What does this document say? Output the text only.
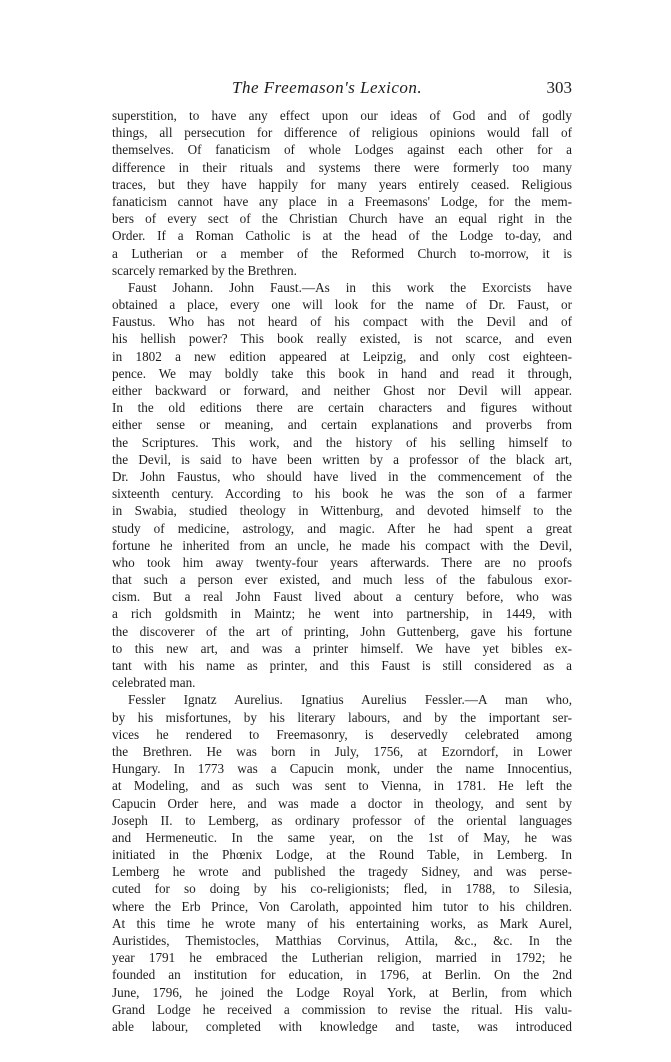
The Freemason's Lexicon.	303
superstition, to have any effect upon our ideas of God and of godly
things, all persecution for difference of religious opinions would fall of
themselves. Of fanaticism of whole Lodges against each other for a
difference in their rituals and systems there were formerly too many
traces, but they have happily for many years entirely ceased. Religious
fanaticism cannot have any place in a Freemasons' Lodge, for the mem-
bers of every sect of the Christian Church have an equal right in the
Order. If a Roman Catholic is at the head of the Lodge to-day, and
a Lutherian or a member of the Reformed Church to-morrow, it is
scarcely remarked by the Brethren.
Faust Johann. John Faust.—As in this work the Exorcists have
obtained a place, every one will look for the name of Dr. Faust, or
Faustus. Who has not heard of his compact with the Devil and of
his hellish power? This book really existed, is not scarce, and even
in 1802 a new edition appeared at Leipzig, and only cost eighteen-
pence. We may boldly take this book in hand and read it through,
either backward or forward, and neither Ghost nor Devil will appear.
In the old editions there are certain characters and figures without
either sense or meaning, and certain explanations and proverbs from
the Scriptures. This work, and the history of his selling himself to
the Devil, is said to have been written by a professor of the black art,
Dr. John Faustus, who should have lived in the commencement of the
sixteenth century. According to his book he was the son of a farmer
in Swabia, studied theology in Wittenburg, and devoted himself to the
study of medicine, astrology, and magic. After he had spent a great
fortune he inherited from an uncle, he made his compact with the Devil,
who took him away twenty-four years afterwards. There are no proofs
that such a person ever existed, and much less of the fabulous exor-
cism. But a real John Faust lived about a century before, who was
a rich goldsmith in Maintz; he went into partnership, in 1449, with
the discoverer of the art of printing, John Guttenberg, gave his fortune
to this new art, and was a printer himself. We have yet bibles ex-
tant with his name as printer, and this Faust is still considered as a
celebrated man.
Fessler Ignatz Aurelius. Ignatius Aurelius Fessler.—A man who,
by his misfortunes, by his literary labours, and by the important ser-
vices he rendered to Freemasonry, is deservedly celebrated among
the Brethren. He was born in July, 1756, at Ezorndorf, in Lower
Hungary. In 1773 was a Capucin monk, under the name Innocentius,
at Modeling, and as such was sent to Vienna, in 1781. He left the
Capucin Order here, and was made a doctor in theology, and sent by
Joseph II. to Lemberg, as ordinary professor of the oriental languages
and Hermeneutic. In the same year, on the 1st of May, he was
initiated in the Phœnix Lodge, at the Round Table, in Lemberg. In
Lemberg he wrote and published the tragedy Sidney, and was perse-
cuted for so doing by his co-religionists; fled, in 1788, to Silesia,
where the Erb Prince, Von Carolath, appointed him tutor to his children.
At this time he wrote many of his entertaining works, as Mark Aurel,
Auristides, Themistocles, Matthias Corvinus, Attila, &c., &c. In the
year 1791 he embraced the Lutherian religion, married in 1792; he
founded an institution for education, in 1796, at Berlin. On the 2nd
June, 1796, he joined the Lodge Royal York, at Berlin, from which
Grand Lodge he received a commission to revise the ritual. His valu-
able labour, completed with knowledge and taste, was introduced
